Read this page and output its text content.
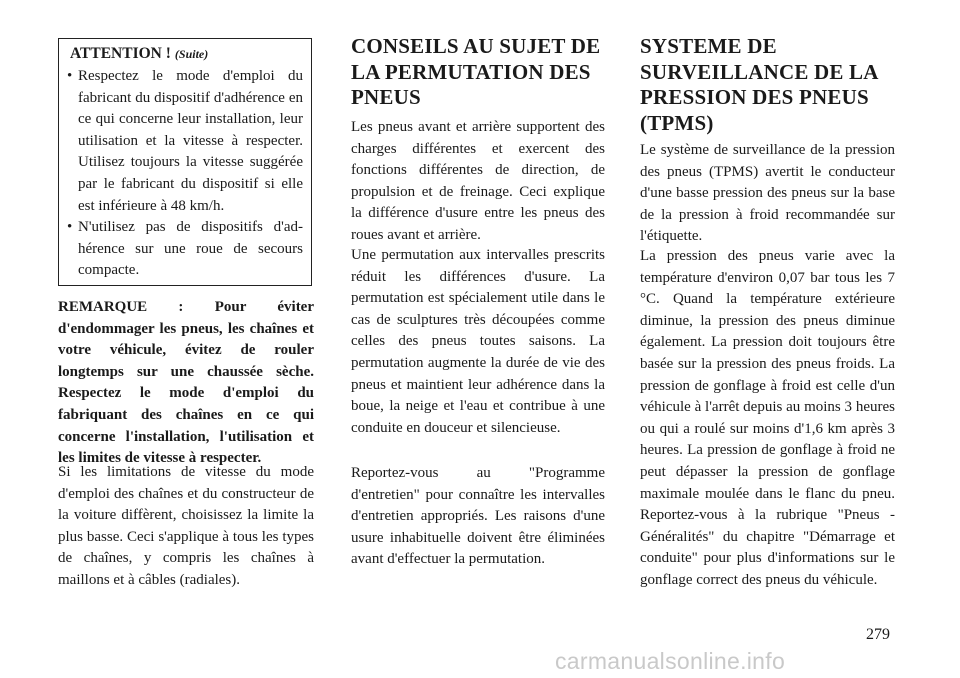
ATTENTION ! (Suite)
• Respectez le mode d'emploi du fabricant du dispositif d'adhérence en ce qui concerne leur installation, leur utilisation et la vitesse à respecter. Utilisez toujours la vitesse suggérée par le fabricant du dispositif si elle est inférieure à 48 km/h.
• N'utilisez pas de dispositifs d'adhérence sur une roue de secours compacte.

REMARQUE : Pour éviter d'endommager les pneus, les chaînes et votre véhicule, évitez de rouler longtemps sur une chaussée sèche. Respectez le mode d'emploi du fabriquant des chaînes en ce qui concerne l'installation, l'utilisation et les limites de vitesse à respecter.

Si les limitations de vitesse du mode d'emploi des chaînes et du constructeur de la voiture diffèrent, choisissez la limite la plus basse. Ceci s'applique à tous les types de chaînes, y compris les chaînes à maillons et à câbles (radiales).

CONSEILS AU SUJET DE LA PERMUTATION DES PNEUS

Les pneus avant et arrière supportent des charges différentes et exercent des fonctions différentes de direction, de propulsion et de freinage. Ceci explique la différence d'usure entre les pneus des roues avant et arrière.

Une permutation aux intervalles prescrits réduit les différences d'usure. La permutation est spécialement utile dans le cas de sculptures très découpées comme celles des pneus toutes saisons. La permutation augmente la durée de vie des pneus et maintient leur adhérence dans la boue, la neige et l'eau et contribue à une conduite en douceur et silencieuse.

Reportez-vous au "Programme d'entretien" pour connaître les intervalles d'entretien appropriés. Les raisons d'une usure inhabituelle doivent être éliminées avant d'effectuer la permutation.

SYSTEME DE SURVEILLANCE DE LA PRESSION DES PNEUS (TPMS)

Le système de surveillance de la pression des pneus (TPMS) avertit le conducteur d'une basse pression des pneus sur la base de la pression à froid recommandée sur l'étiquette.

La pression des pneus varie avec la température d'environ 0,07 bar tous les 7 °C. Quand la température extérieure diminue, la pression des pneus diminue également. La pression doit toujours être basée sur la pression des pneus froids. La pression de gonflage à froid est celle d'un véhicule à l'arrêt depuis au moins 3 heures ou qui a roulé sur moins d'1,6 km après 3 heures. La pression de gonflage à froid ne peut dépasser la pression de gonflage maximale moulée dans le flanc du pneu. Reportez-vous à la rubrique "Pneus - Généralités" du chapitre "Démarrage et conduite" pour plus d'informations sur le gonflage correct des pneus du véhicule.

279
carmanualsonline.info
